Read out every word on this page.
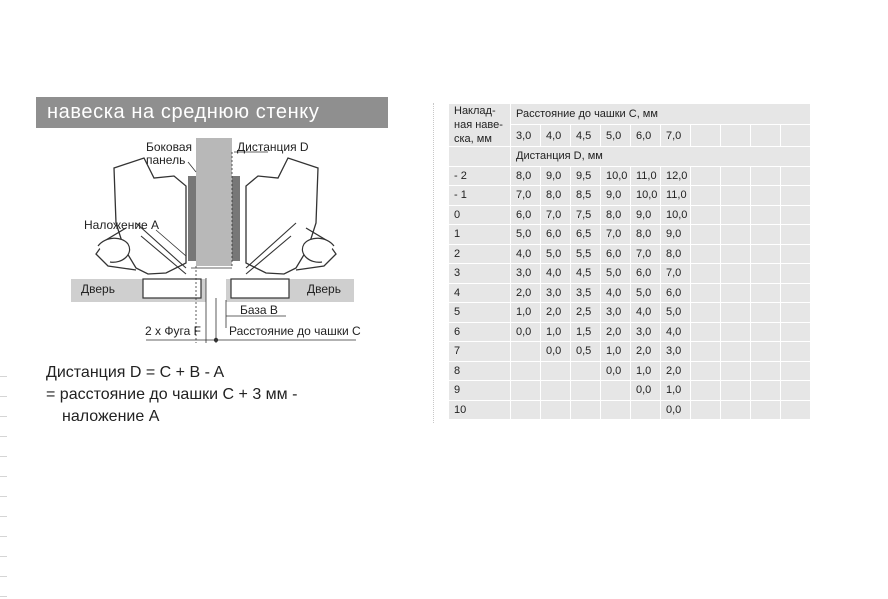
навеска на среднюю стенку
Боковая
панель
Дистанция D
Наложение A
Дверь	Дверь
База B
2 x Фуга F Расстояние до чашки C
Дистанция D = C + B - A
= расстояние до чашки С + 3 мм -
наложение А
Наклад-
ная наве-
ска, мм	Расстояние до чашки C, мм									
	3,0	4,0	4,5	5,0	6,0	7,0				
	Дистанция D, мм									
- 2	8,0	9,0	9,5	10,0	11,0	12,0				
- 1	7,0	8,0	8,5	9,0	10,0	11,0				
0	6,0	7,0	7,5	8,0	9,0	10,0				
1	5,0	6,0	6,5	7,0	8,0	9,0				
2	4,0	5,0	5,5	6,0	7,0	8,0				
3	3,0	4,0	4,5	5,0	6,0	7,0				
4	2,0	3,0	3,5	4,0	5,0	6,0				
5	1,0	2,0	2,5	3,0	4,0	5,0				
6	0,0	1,0	1,5	2,0	3,0	4,0				
7		0,0	0,5	1,0	2,0	3,0				
8				0,0	1,0	2,0				
9					0,0	1,0				
10						0,0				
